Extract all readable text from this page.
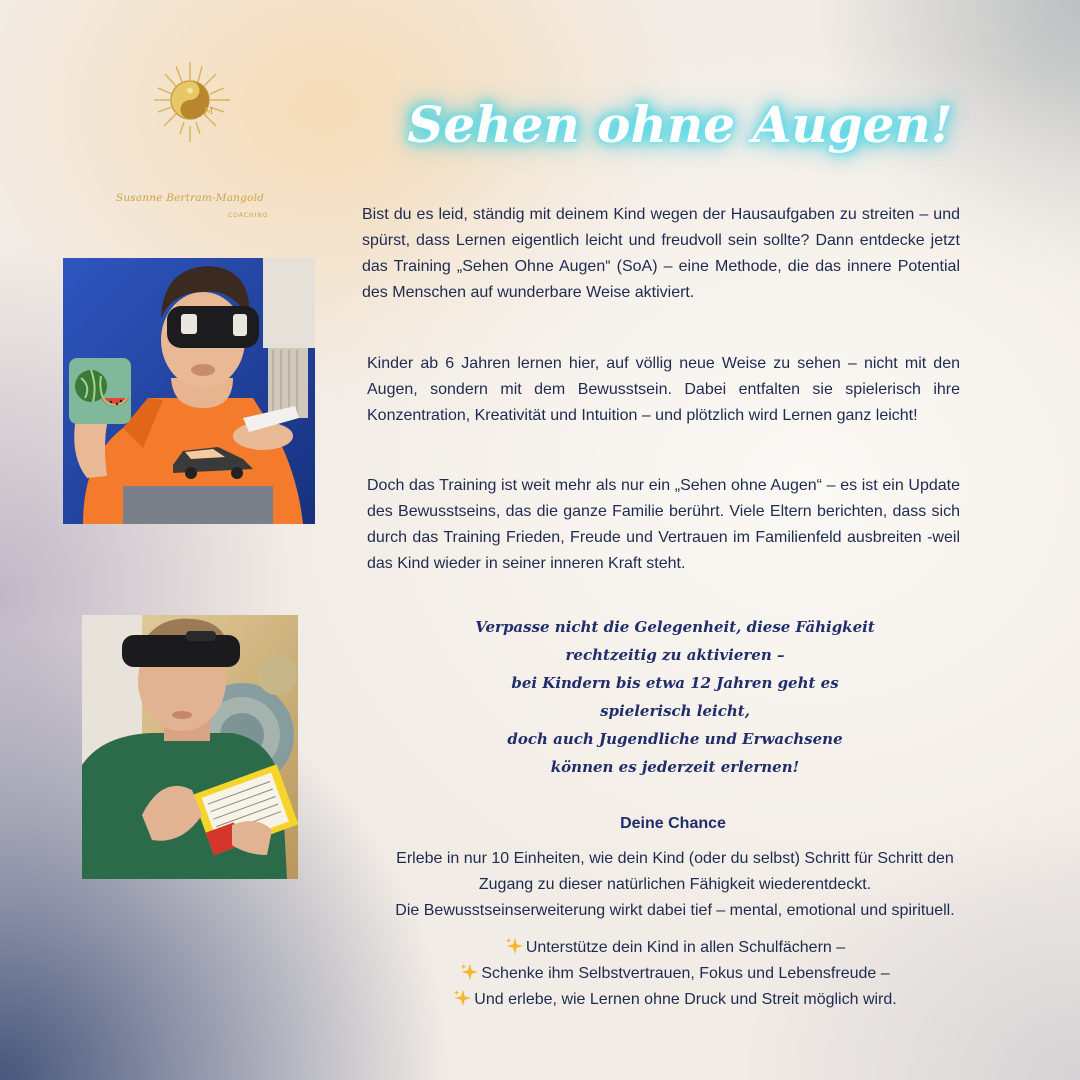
M
Susanne Bertram-Mangold
COACHING
Sehen ohne Augen!
Bist du es leid, ständig mit deinem Kind wegen der Hausaufgaben zu streiten – und spürst, dass Lernen eigentlich leicht und freudvoll sein sollte? Dann entdecke jetzt das Training „Sehen Ohne Augen“ (SoA) – eine Methode, die das innere Potential des Menschen auf wunderbare Weise aktiviert.
Kinder ab 6 Jahren lernen hier, auf völlig neue Weise zu sehen – nicht mit den Augen, sondern mit dem Bewusstsein. Dabei entfalten sie spielerisch ihre Konzentration, Kreativität und Intuition – und plötzlich wird Lernen ganz leicht!
Doch das Training ist weit mehr als nur ein „Sehen ohne Augen“ – es ist ein Update des Bewusstseins, das die ganze Familie berührt. Viele Eltern berichten, dass sich durch das Training Frieden, Freude und Vertrauen im Familienfeld ausbreiten -weil das Kind wieder in seiner inneren Kraft steht.
Verpasse nicht die Gelegenheit, diese Fähigkeit
rechtzeitig zu aktivieren –
bei Kindern bis etwa 12 Jahren geht es
spielerisch leicht,
doch auch Jugendliche und Erwachsene
können es jederzeit erlernen!
Deine Chance
Erlebe in nur 10 Einheiten, wie dein Kind (oder du selbst) Schritt für Schritt den
Zugang zu dieser natürlichen Fähigkeit wiederentdeckt.
Die Bewusstseinserweiterung wirkt dabei tief – mental, emotional und spirituell.
Unterstütze dein Kind in allen Schulfächern –
Schenke ihm Selbstvertrauen, Fokus und Lebensfreude –
Und erlebe, wie Lernen ohne Druck und Streit möglich wird.
